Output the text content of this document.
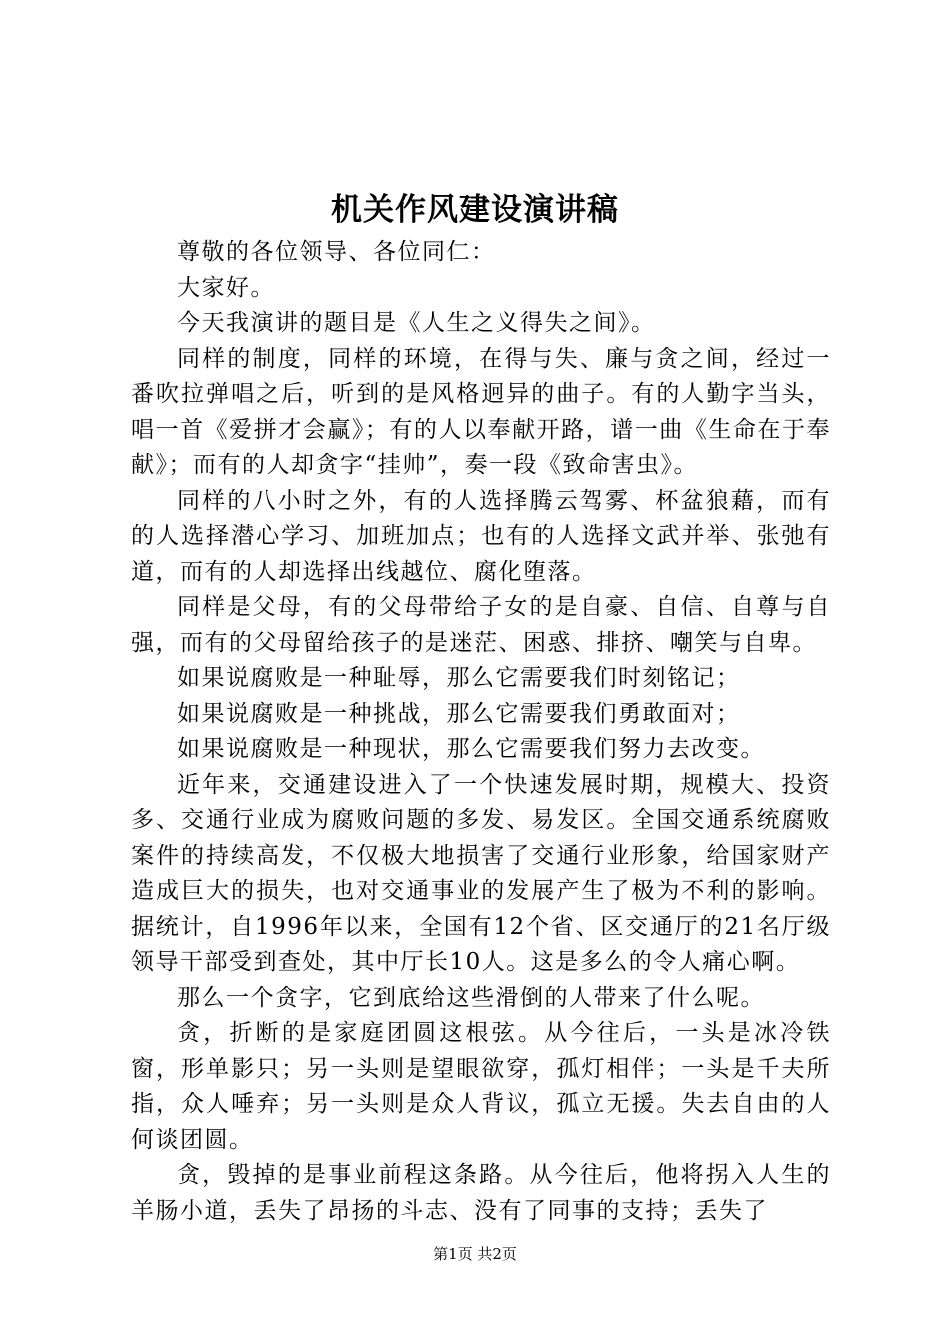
机关作风建设演讲稿

尊敬的各位领导、各位同仁：

大家好。

今天我演讲的题目是《人生之义得失之间》。

同样的制度，同样的环境，在得与失、廉与贪之间，经过一番吹拉弹唱之后，听到的是风格迥异的曲子。有的人勤字当头，唱一首《爱拼才会赢》；有的人以奉献开路，谱一曲《生命在于奉献》；而有的人却贪字“挂帅”，奏一段《致命害虫》。

同样的八小时之外，有的人选择腾云驾雾、杯盆狼藉，而有的人选择潜心学习、加班加点；也有的人选择文武并举、张弛有道，而有的人却选择出线越位、腐化堕落。

同样是父母，有的父母带给子女的是自豪、自信、自尊与自强，而有的父母留给孩子的是迷茫、困惑、排挤、嘲笑与自卑。

如果说腐败是一种耻辱，那么它需要我们时刻铭记；

如果说腐败是一种挑战，那么它需要我们勇敢面对；

如果说腐败是一种现状，那么它需要我们努力去改变。

近年来，交通建设进入了一个快速发展时期，规模大、投资多、交通行业成为腐败问题的多发、易发区。全国交通系统腐败案件的持续高发，不仅极大地损害了交通行业形象，给国家财产造成巨大的损失，也对交通事业的发展产生了极为不利的影响。据统计，自1996年以来，全国有12个省、区交通厅的21名厅级领导干部受到查处，其中厅长10人。这是多么的令人痛心啊。

那么一个贪字，它到底给这些滑倒的人带来了什么呢。

贪，折断的是家庭团圆这根弦。从今往后，一头是冰冷铁窗，形单影只；另一头则是望眼欲穿，孤灯相伴；一头是千夫所指，众人唾弃；另一头则是众人背议，孤立无援。失去自由的人何谈团圆。

贪，毁掉的是事业前程这条路。从今往后，他将拐入人生的羊肠小道，丢失了昂扬的斗志、没有了同事的支持；丢失了

第1页 共2页
